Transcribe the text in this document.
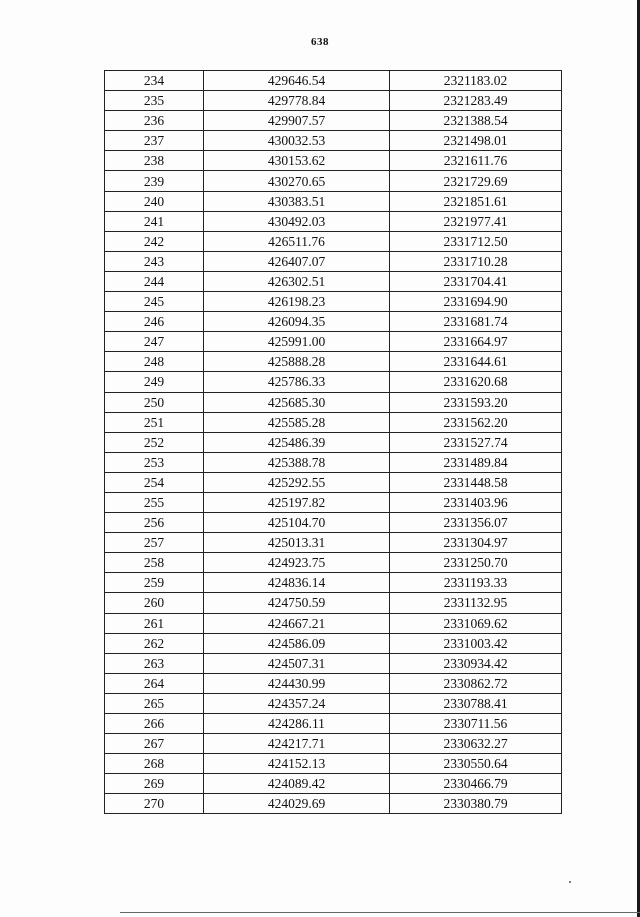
638
234	429646.54	2321183.02
235	429778.84	2321283.49
236	429907.57	2321388.54
237	430032.53	2321498.01
238	430153.62	2321611.76
239	430270.65	2321729.69
240	430383.51	2321851.61
241	430492.03	2321977.41
242	426511.76	2331712.50
243	426407.07	2331710.28
244	426302.51	2331704.41
245	426198.23	2331694.90
246	426094.35	2331681.74
247	425991.00	2331664.97
248	425888.28	2331644.61
249	425786.33	2331620.68
250	425685.30	2331593.20
251	425585.28	2331562.20
252	425486.39	2331527.74
253	425388.78	2331489.84
254	425292.55	2331448.58
255	425197.82	2331403.96
256	425104.70	2331356.07
257	425013.31	2331304.97
258	424923.75	2331250.70
259	424836.14	2331193.33
260	424750.59	2331132.95
261	424667.21	2331069.62
262	424586.09	2331003.42
263	424507.31	2330934.42
264	424430.99	2330862.72
265	424357.24	2330788.41
266	424286.11	2330711.56
267	424217.71	2330632.27
268	424152.13	2330550.64
269	424089.42	2330466.79
270	424029.69	2330380.79
